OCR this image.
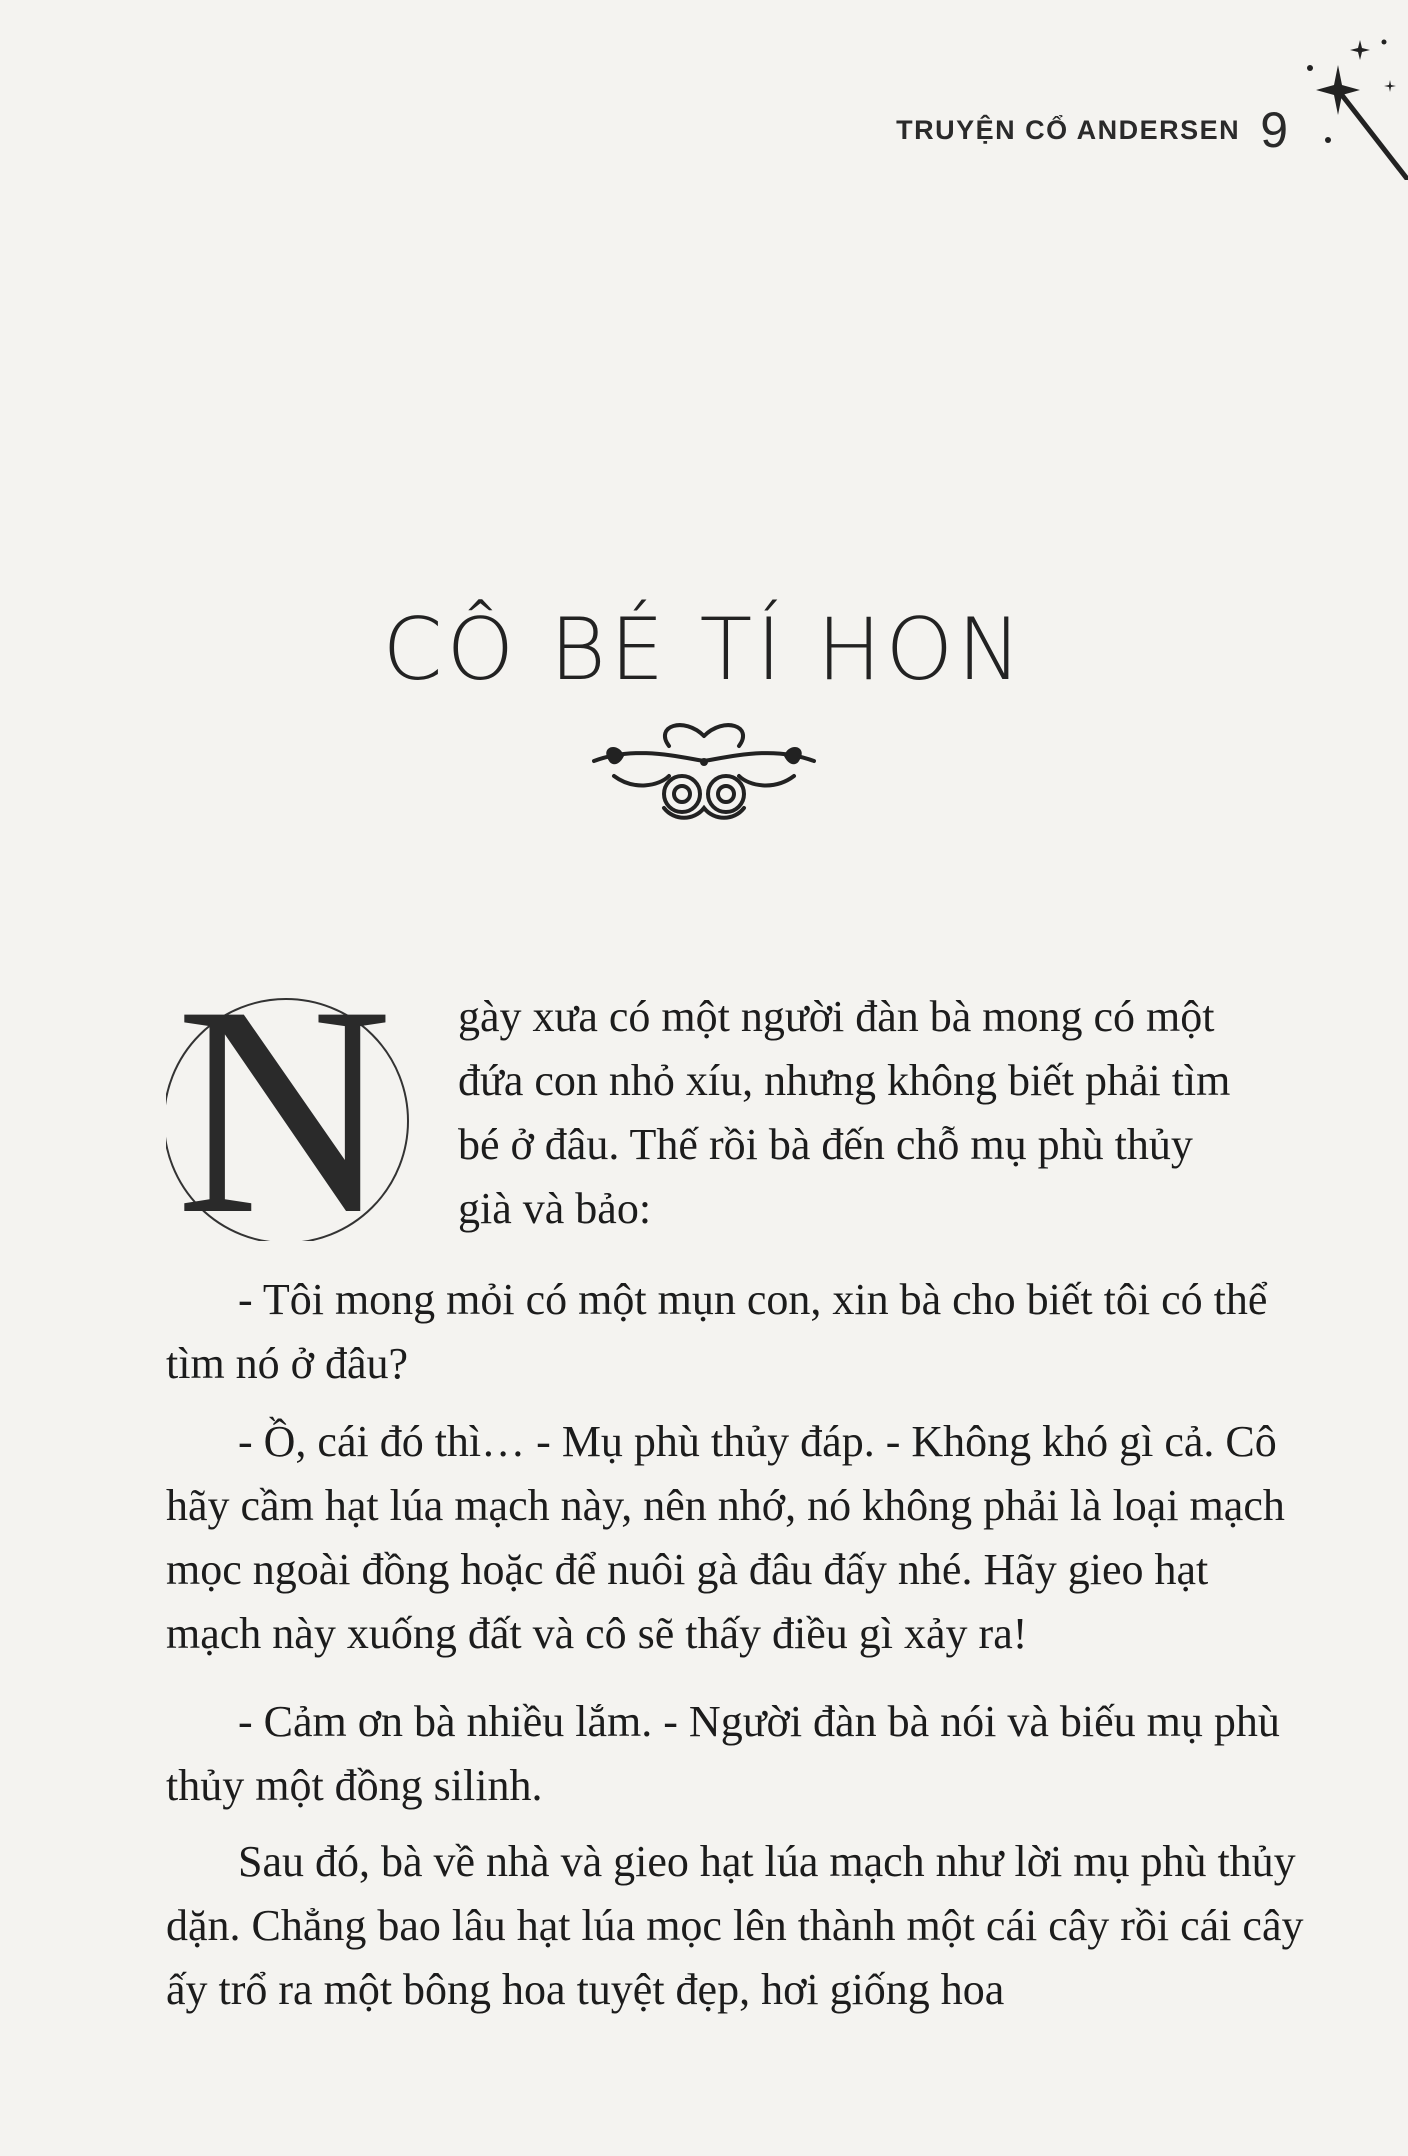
TRUYỆN CỔ ANDERSEN 9
CÔ BÉ TÍ HON
N gày xưa có một người đàn bà mong có một
đứa con nhỏ xíu, nhưng không biết phải tìm
bé ở đâu. Thế rồi bà đến chỗ mụ phù thủy
già và bảo:

- Tôi mong mỏi có một mụn con, xin bà cho biết tôi có thể tìm nó ở đâu?

- Ồ, cái đó thì… - Mụ phù thủy đáp. - Không khó gì cả. Cô hãy cầm hạt lúa mạch này, nên nhớ, nó không phải là loại mạch mọc ngoài đồng hoặc để nuôi gà đâu đấy nhé. Hãy gieo hạt mạch này xuống đất và cô sẽ thấy điều gì xảy ra!

- Cảm ơn bà nhiều lắm. - Người đàn bà nói và biếu mụ phù thủy một đồng silinh.

Sau đó, bà về nhà và gieo hạt lúa mạch như lời mụ phù thủy dặn. Chẳng bao lâu hạt lúa mọc lên thành một cái cây rồi cái cây ấy trổ ra một bông hoa tuyệt đẹp, hơi giống hoa
